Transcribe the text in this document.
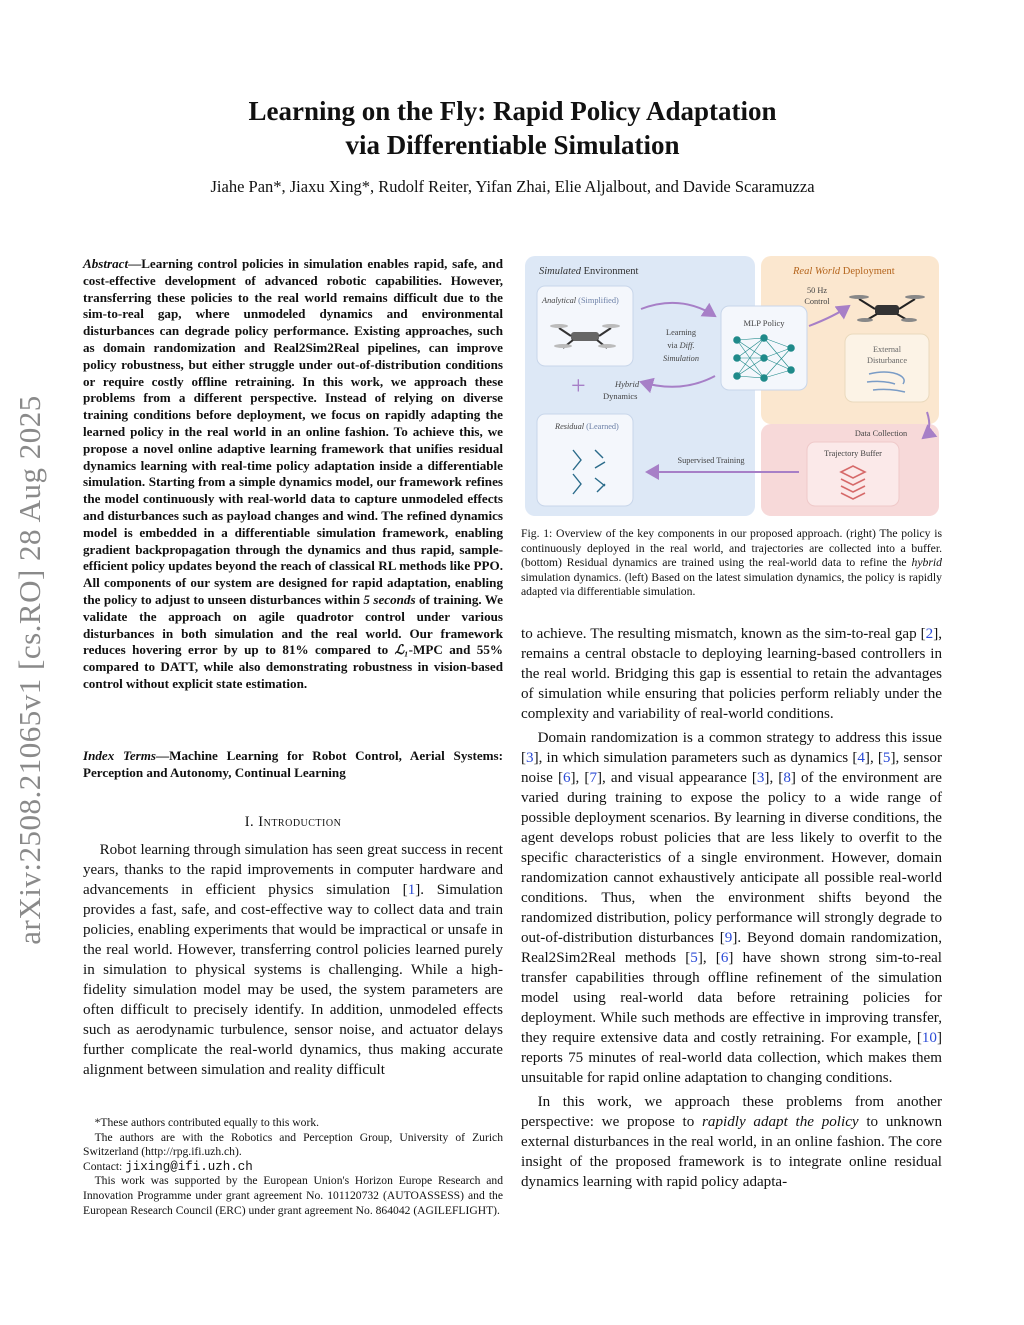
arXiv:2508.21065v1 [cs.RO] 28 Aug 2025
Learning on the Fly: Rapid Policy Adaptation
via Differentiable Simulation
Jiahe Pan*, Jiaxu Xing*, Rudolf Reiter, Yifan Zhai, Elie Aljalbout, and Davide Scaramuzza
Abstract—Learning control policies in simulation enables rapid, safe, and cost-effective development of advanced robotic capabilities. However, transferring these policies to the real world remains difficult due to the sim-to-real gap, where unmodeled dynamics and environmental disturbances can degrade policy performance. Existing approaches, such as domain randomization and Real2Sim2Real pipelines, can improve policy robustness, but either struggle under out-of-distribution conditions or require costly offline retraining. In this work, we approach these problems from a different perspective. Instead of relying on diverse training conditions before deployment, we focus on rapidly adapting the learned policy in the real world in an online fashion. To achieve this, we propose a novel online adaptive learning framework that unifies residual dynamics learning with real-time policy adaptation inside a differentiable simulation. Starting from a simple dynamics model, our framework refines the model continuously with real-world data to capture unmodeled effects and disturbances such as payload changes and wind. The refined dynamics model is embedded in a differentiable simulation framework, enabling gradient backpropagation through the dynamics and thus rapid, sample-efficient policy updates beyond the reach of classical RL methods like PPO. All components of our system are designed for rapid adaptation, enabling the policy to adjust to unseen disturbances within 5 seconds of training. We validate the approach on agile quadrotor control under various disturbances in both simulation and the real world. Our framework reduces hovering error by up to 81% compared to ℒ₁-MPC and 55% compared to DATT, while also demonstrating robustness in vision-based control without explicit state estimation.
Index Terms—Machine Learning for Robot Control, Aerial Systems: Perception and Autonomy, Continual Learning
I. Introduction

Robot learning through simulation has seen great success in recent years, thanks to the rapid improvements in computer hardware and advancements in efficient physics simulation [1]. Simulation provides a fast, safe, and cost-effective way to collect data and train policies, enabling experiments that would be impractical or unsafe in the real world. However, transferring control policies learned purely in simulation to physical systems is challenging. While a high-fidelity simulation model may be used, the system parameters are often difficult to precisely identify. In addition, unmodeled effects such as aerodynamic turbulence, sensor noise, and actuator delays further complicate the real-world dynamics, thus making accurate alignment between simulation and reality difficult

*These authors contributed equally to this work.

The authors are with the Robotics and Perception Group, University of Zurich Switzerland (http://rpg.ifi.uzh.ch).

Contact: jixing@ifi.uzh.ch

This work was supported by the European Union's Horizon Europe Research and Innovation Programme under grant agreement No. 101120732 (AUTOASSESS) and the European Research Council (ERC) under grant agreement No. 864042 (AGILEFLIGHT).

Simulated Environment	Real World Deployment
Analytical (Simplified)
+	Hybrid
Dynamics
Residual (Learned)
Learning
via Diff.
Simulation
MLP Policy
50 Hz
Control
External
Disturbance
Data Collection
Trajectory Buffer
Supervised Training
Fig. 1: Overview of the key components in our proposed approach. (right) The policy is continuously deployed in the real world, and trajectories are collected into a buffer. (bottom) Residual dynamics are trained using the real-world data to refine the hybrid simulation dynamics. (left) Based on the latest simulation dynamics, the policy is rapidly adapted via differentiable simulation.

to achieve. The resulting mismatch, known as the sim-to-real gap [2], remains a central obstacle to deploying learning-based controllers in the real world. Bridging this gap is essential to retain the advantages of simulation while ensuring that policies perform reliably under the complexity and variability of real-world conditions.

Domain randomization is a common strategy to address this issue [3], in which simulation parameters such as dynamics [4], [5], sensor noise [6], [7], and visual appearance [3], [8] of the environment are varied during training to expose the policy to a wide range of possible deployment scenarios. By learning in diverse conditions, the agent develops robust policies that are less likely to overfit to the specific characteristics of a single environment. However, domain randomization cannot exhaustively anticipate all possible real-world conditions. Thus, when the environment shifts beyond the randomized distribution, policy performance will strongly degrade to out-of-distribution disturbances [9]. Beyond domain randomization, Real2Sim2Real methods [5], [6] have shown strong sim-to-real transfer capabilities through offline refinement of the simulation model using real-world data before retraining policies for deployment. While such methods are effective in improving transfer, they require extensive data and costly retraining. For example, [10] reports 75 minutes of real-world data collection, which makes them unsuitable for rapid online adaptation to changing conditions.

In this work, we approach these problems from another perspective: we propose to rapidly adapt the policy to unknown external disturbances in the real world, in an online fashion. The core insight of the proposed framework is to integrate online residual dynamics learning with rapid policy adapta-
